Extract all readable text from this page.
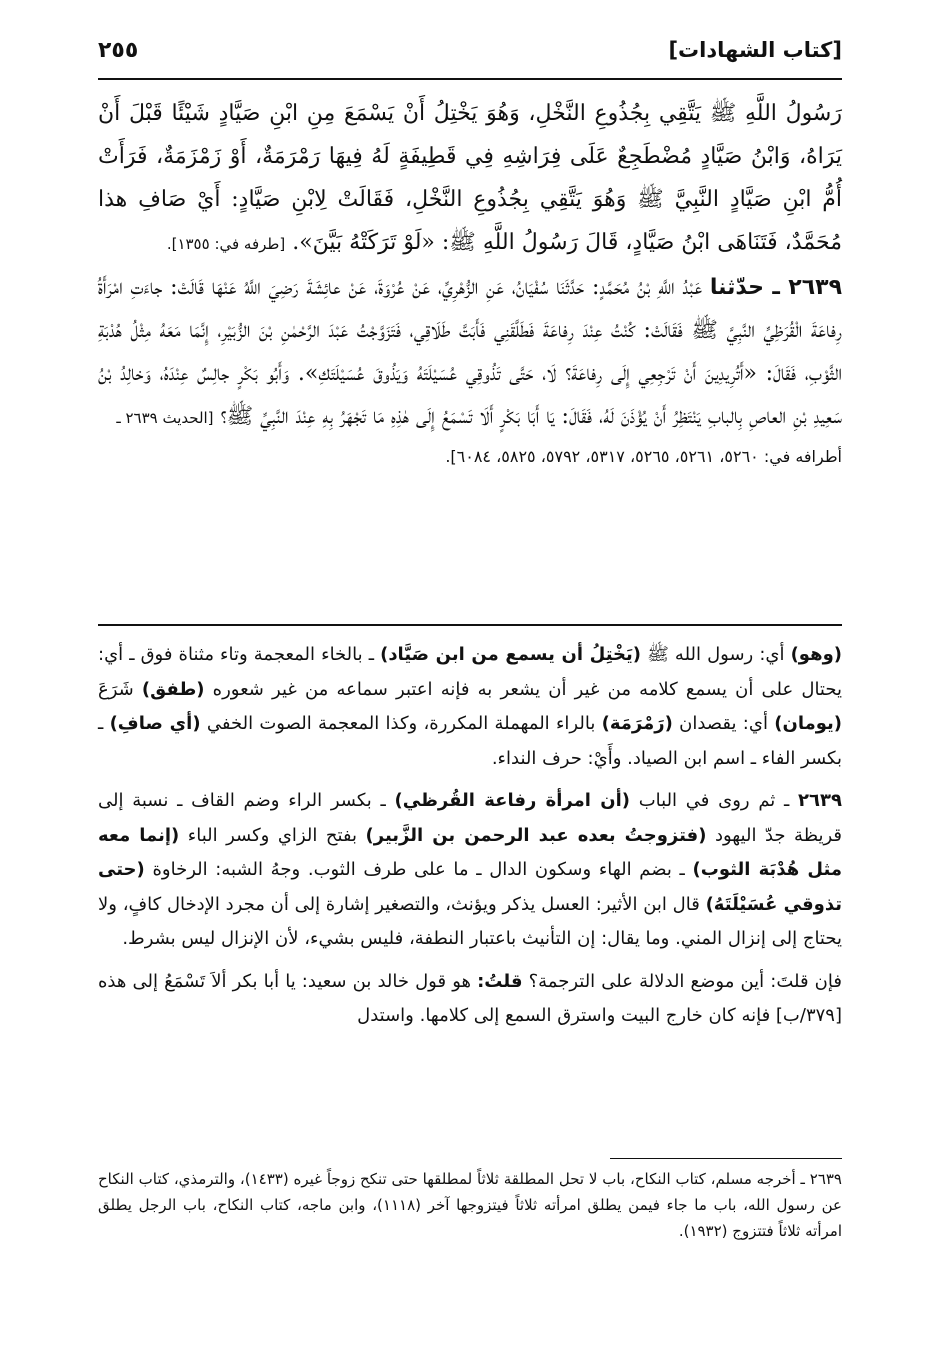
[كتاب الشهادات]
٢٥٥

رَسُولُ اللَّهِ ﷺ يَتَّقِي بِجُذُوعِ النَّخْلِ، وَهُوَ يَخْتِلُ أَنْ يَسْمَعَ مِنِ ابْنِ صَيَّادٍ شَيْئًا قَبْلَ أَنْ يَرَاهُ، وَابْنُ صَيَّادٍ مُضْطَجِعٌ عَلَى فِرَاشِهِ فِي قَطِيفَةٍ لَهُ فِيهَا رَمْرَمَةٌ، أَوْ زَمْزَمَةٌ، فَرَأَتْ أُمُّ ابْنِ صَيَّادٍ النَّبِيَّ ﷺ وَهُوَ يَتَّقِي بِجُذُوعِ النَّخْلِ، فَقَالَتْ لِابْنِ صَيَّادٍ: أَيْ صَافِ هذا مُحَمَّدٌ، فَتَنَاهَى ابْنُ صَيَّادٍ، قَالَ رَسُولُ اللَّهِ ﷺ: «لَوْ تَرَكَتْهُ بَيَّنَ». [طرفه في: ١٣٥٥].

٢٦٣٩ ـ حدّثنا عَبْدُ اللَّهِ بْنُ مُحَمَّدٍ: حَدَّثَنَا سُفْيَانُ، عَنِ الزُّهْرِيِّ، عَنْ عُرْوَةَ، عَنْ عائِشَةَ رَضِيَ اللَّهُ عَنْهَا قَالَتْ: جاءَتِ امْرَأَةُ رِفاعَةَ الْقُرَظِيِّ النَّبِيَّ ﷺ فَقَالَتْ: كُنْتُ عِنْدَ رِفاعَةَ فَطَلَّقَنِي فَأَبَتَّ طَلَاقِي، فَتَزَوَّجْتُ عَبْدَ الرَّحْمٰنِ بْنَ الزُّبَيْرِ، إِنَّمَا مَعَهُ مِثْلُ هُدْبَةِ الثَّوْبِ، فَقَالَ: «أَتُرِيدِينَ أَنْ تَرْجِعِي إِلَى رِفاعَةَ؟ لَا، حَتَّى تَذُوقِي عُسَيْلَتَهُ وَيَذُوقَ عُسَيْلَتَكِ». وَأَبُو بَكْرٍ جالِسٌ عِنْدَهُ، وَخالِدُ بْنُ سَعِيدِ بْنِ العاصِ بِالبابِ يَنْتَظِرُ أَنْ يُؤْذَنَ لَهُ، فَقَالَ: يَا أَبَا بَكْرٍ أَلَا تَسْمَعُ إِلَى هٰذِهِ مَا تَجْهَرُ بِهِ عِنْدَ النَّبِيِّ ﷺ؟ [الحديث ٢٦٣٩ ـ

أطرافه في: ٥٢٦٠، ٥٢٦١، ٥٢٦٥، ٥٣١٧، ٥٧٩٢، ٥٨٢٥، ٦٠٨٤].

(وهو) أي: رسول الله ﷺ (يَخْتِلُ أن يسمع من ابن صَيَّاد) ـ بالخاء المعجمة وتاء مثناة فوق ـ أي: يحتال على أن يسمع كلامه من غير أن يشعر به فإنه اعتبر سماعه من غير شعوره (طفق) شَرَعَ (يومان) أي: يقصدان (رَمْرَمَة) بالراء المهملة المكررة، وكذا المعجمة الصوت الخفي (أي صافِ) ـ بكسر الفاء ـ اسم ابن الصياد. وأَيْ: حرف النداء.

٢٦٣٩ ـ ثم روى في الباب (أن امرأة رفاعة القُرظي) ـ بكسر الراء وضم القاف ـ نسبة إلى قريظة جدّ اليهود (فتزوجتُ بعده عبد الرحمن بن الزَّبير) بفتح الزاي وكسر الباء (إنما معه مثل هُدْبَة الثوب) ـ بضم الهاء وسكون الدال ـ ما على طرف الثوب. وجهُ الشبه: الرخاوة (حتى تذوقي عُسَيْلَتَهُ) قال ابن الأثير: العسل يذكر ويؤنث، والتصغير إشارة إلى أن مجرد الإدخال كافٍ، ولا يحتاج إلى إنزال المني. وما يقال: إن التأنيث باعتبار النطفة، فليس بشيء، لأن الإنزال ليس بشرط.

فإن قلتَ: أين موضع الدلالة على الترجمة؟ قلتُ: هو قول خالد بن سعيد: يا أبا بكر ألاَ تَسْمَعُ إلى هذه [٣٧٩/ب] فإنه كان خارج البيت واسترق السمع إلى كلامها. واستدل

٢٦٣٩ ـ أخرجه مسلم، كتاب النكاح، باب لا تحل المطلقة ثلاثاً لمطلقها حتى تنكح زوجاً غيره (١٤٣٣)، والترمذي، كتاب النكاح عن رسول الله، باب ما جاء فيمن يطلق امرأته ثلاثاً فيتزوجها آخر (١١١٨)، وابن ماجه، كتاب النكاح، باب الرجل يطلق امرأته ثلاثاً فتتزوج (١٩٣٢).
